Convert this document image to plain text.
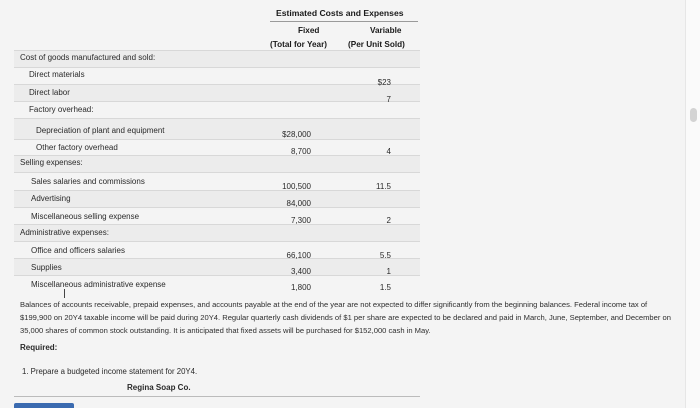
Estimated Costs and Expenses
Fixed	Variable
(Total for Year)	(Per Unit Sold)
Cost of goods manufactured and sold:
Direct materials
Direct labor
Factory overhead:
Depreciation of plant and equipment
Other factory overhead
Selling expenses:
Sales salaries and commissions
Advertising
Miscellaneous selling expense
Administrative expenses:
Office and officers salaries
Supplies
Miscellaneous administrative expense
$28,000
8,700
100,500
84,000
7,300
66,100
3,400
1,800
$23
7
4
11.5
2
5.5
1
1.5
Balances of accounts receivable, prepaid expenses, and accounts payable at the end of the year are not expected to differ significantly from the beginning balances. Federal income tax of $199,900 on 20Y4 taxable income will be paid during 20Y4. Regular quarterly cash dividends of $1 per share are expected to be declared and paid in March, June, September, and December on 35,000 shares of common stock outstanding. It is anticipated that fixed assets will be purchased for $152,000 cash in May.
Required:
1. Prepare a budgeted income statement for 20Y4.
Regina Soap Co.
